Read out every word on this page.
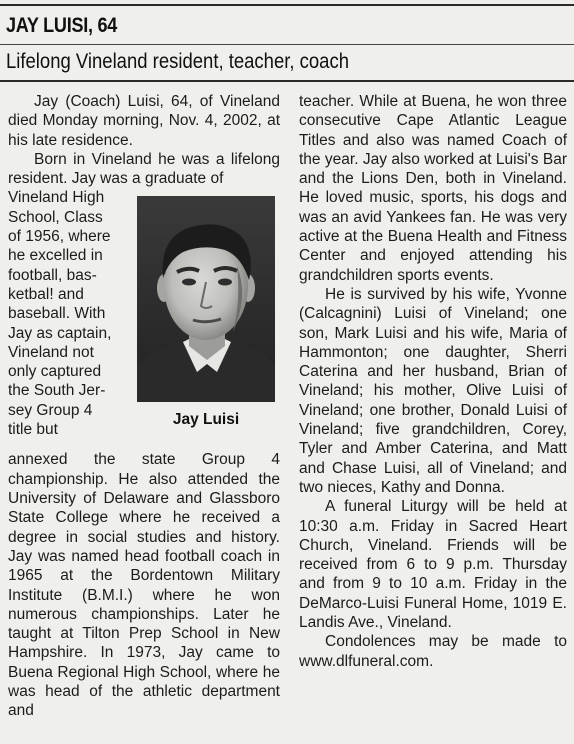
JAY LUISI, 64
Lifelong Vineland resident, teacher, coach

Jay (Coach) Luisi, 64, of Vineland died Monday morning, Nov. 4, 2002, at his late residence.

Born in Vineland he was a lifelong resident. Jay was a graduate of

Jay Luisi

Vineland High

School, Class

of 1956, where

he excelled in

football, bas-

ketbal! and

baseball. With

Jay as captain,

Vineland not

only captured

the South Jer-

sey Group 4

title but

annexed the state Group 4 championship. He also attended the University of Delaware and Glassboro State College where he received a degree in social studies and history. Jay was named head football coach in 1965 at the Bordentown Military Institute (B.M.I.) where he won numerous championships. Later he taught at Tilton Prep School in New Hampshire. In 1973, Jay came to Buena Regional High School, where he was head of the athletic department and

teacher. While at Buena, he won three consecutive Cape Atlantic League Titles and also was named Coach of the year. Jay also worked at Luisi's Bar and the Lions Den, both in Vineland. He loved music, sports, his dogs and was an avid Yankees fan. He was very active at the Buena Health and Fitness Center and enjoyed attending his grandchildren sports events.

He is survived by his wife, Yvonne (Calcagnini) Luisi of Vineland; one son, Mark Luisi and his wife, Maria of Hammonton; one daughter, Sherri Caterina and her husband, Brian of Vineland; his mother, Olive Luisi of Vineland; one brother, Donald Luisi of Vineland; five grandchildren, Corey, Tyler and Amber Caterina, and Matt and Chase Luisi, all of Vineland; and two nieces, Kathy and Donna.

A funeral Liturgy will be held at 10:30 a.m. Friday in Sacred Heart Church, Vineland. Friends will be received from 6 to 9 p.m. Thursday and from 9 to 10 a.m. Friday in the DeMarco-Luisi Funeral Home, 1019 E. Landis Ave., Vineland.

Condolences may be made to www.dlfuneral.com.
